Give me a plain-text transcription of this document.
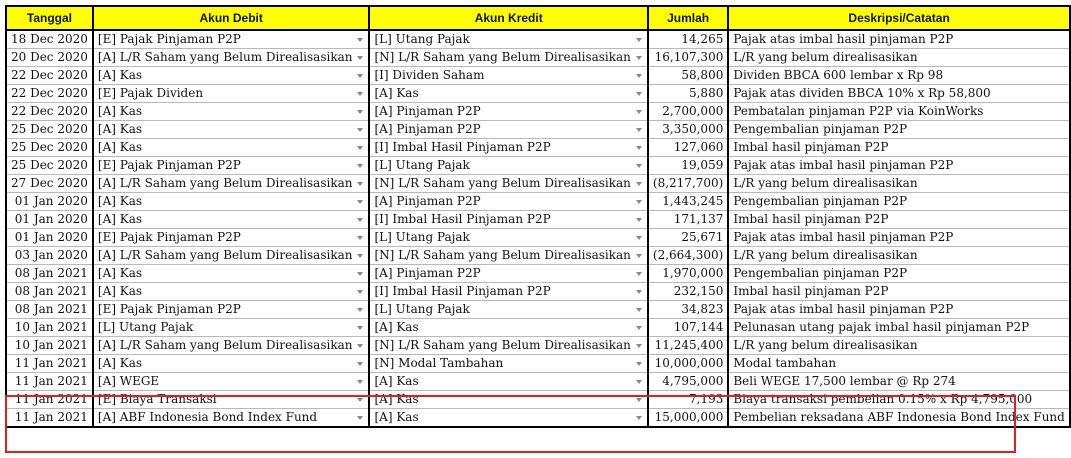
Tanggal	Akun Debit	Akun Kredit	Jumlah	Deskripsi/Catatan
18 Dec 2020	[E] Pajak Pinjaman P2P	[L] Utang Pajak	14,265	Pajak atas imbal hasil pinjaman P2P
20 Dec 2020	[A] L/R Saham yang Belum Direalisasikan	[N] L/R Saham yang Belum Direalisasikan	16,107,300	L/R yang belum direalisasikan
22 Dec 2020	[A] Kas	[I] Dividen Saham	58,800	Dividen BBCA 600 lembar x Rp 98
22 Dec 2020	[E] Pajak Dividen	[A] Kas	5,880	Pajak atas dividen BBCA 10% x Rp 58,800
22 Dec 2020	[A] Kas	[A] Pinjaman P2P	2,700,000	Pembatalan pinjaman P2P via KoinWorks
25 Dec 2020	[A] Kas	[A] Pinjaman P2P	3,350,000	Pengembalian pinjaman P2P
25 Dec 2020	[A] Kas	[I] Imbal Hasil Pinjaman P2P	127,060	Imbal hasil pinjaman P2P
25 Dec 2020	[E] Pajak Pinjaman P2P	[L] Utang Pajak	19,059	Pajak atas imbal hasil pinjaman P2P
27 Dec 2020	[A] L/R Saham yang Belum Direalisasikan	[N] L/R Saham yang Belum Direalisasikan	(8,217,700)	L/R yang belum direalisasikan
01 Jan 2020	[A] Kas	[A] Pinjaman P2P	1,443,245	Pengembalian pinjaman P2P
01 Jan 2020	[A] Kas	[I] Imbal Hasil Pinjaman P2P	171,137	Imbal hasil pinjaman P2P
01 Jan 2020	[E] Pajak Pinjaman P2P	[L] Utang Pajak	25,671	Pajak atas imbal hasil pinjaman P2P
03 Jan 2020	[A] L/R Saham yang Belum Direalisasikan	[N] L/R Saham yang Belum Direalisasikan	(2,664,300)	L/R yang belum direalisasikan
08 Jan 2021	[A] Kas	[A] Pinjaman P2P	1,970,000	Pengembalian pinjaman P2P
08 Jan 2021	[A] Kas	[I] Imbal Hasil Pinjaman P2P	232,150	Imbal hasil pinjaman P2P
08 Jan 2021	[E] Pajak Pinjaman P2P	[L] Utang Pajak	34,823	Pajak atas imbal hasil pinjaman P2P
10 Jan 2021	[L] Utang Pajak	[A] Kas	107,144	Pelunasan utang pajak imbal hasil pinjaman P2P
10 Jan 2021	[A] L/R Saham yang Belum Direalisasikan	[N] L/R Saham yang Belum Direalisasikan	11,245,400	L/R yang belum direalisasikan
11 Jan 2021	[A] Kas	[N] Modal Tambahan	10,000,000	Modal tambahan
11 Jan 2021	[A] WEGE	[A] Kas	4,795,000	Beli WEGE 17,500 lembar @ Rp 274
11 Jan 2021	[E] Biaya Transaksi	[A] Kas	7,193	Biaya transaksi pembelian 0.15% x Rp 4,795,000
11 Jan 2021	[A] ABF Indonesia Bond Index Fund	[A] Kas	15,000,000	Pembelian reksadana ABF Indonesia Bond Index Fund
